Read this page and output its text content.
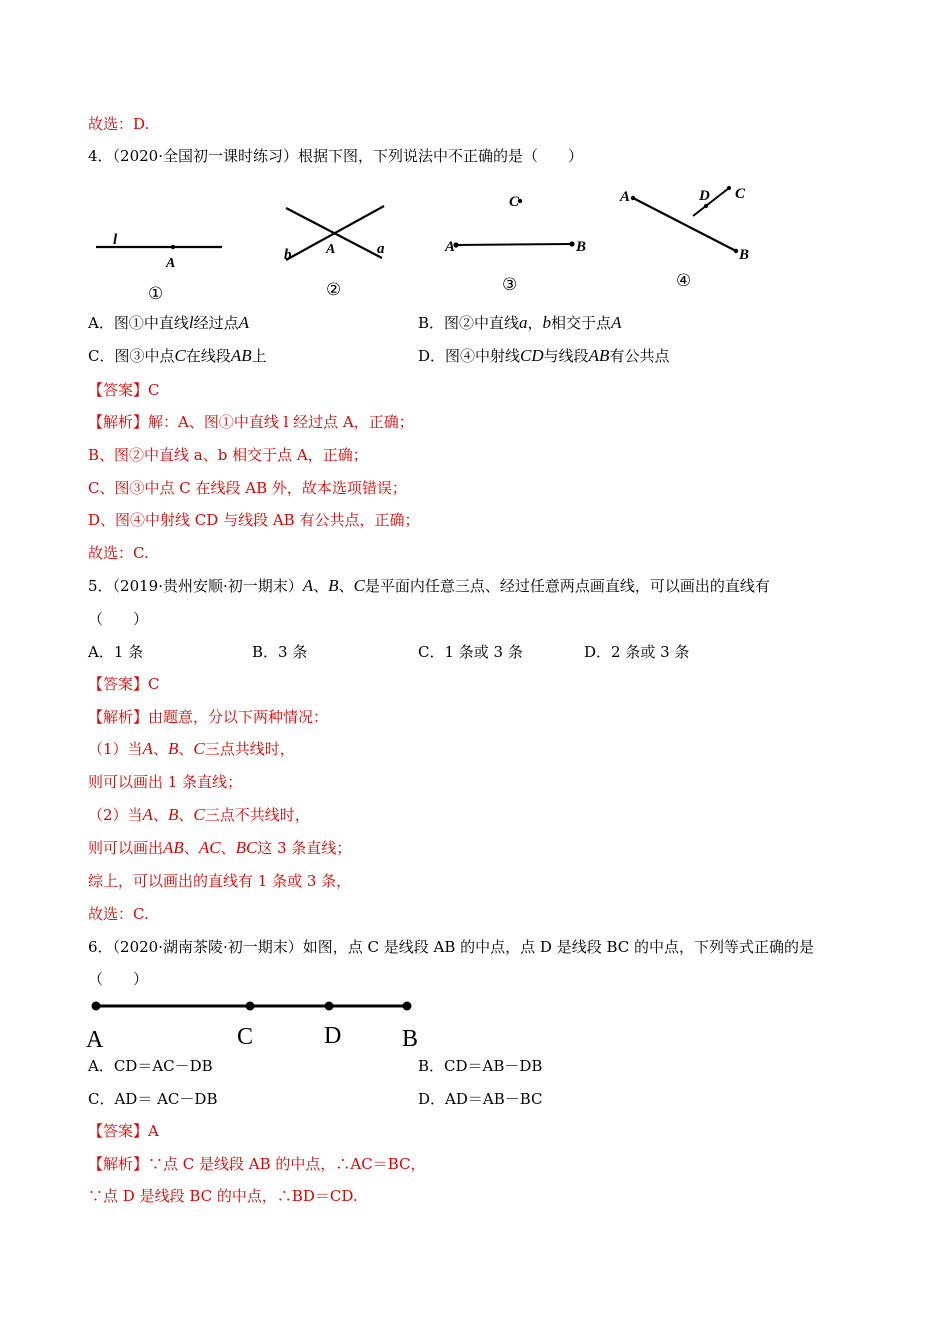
故选：D.
4．（2020·全国初一课时练习）根据下图，下列说法中不正确的是（　　）
l
A
①
b A	a
②
C
A	B
③
A	D C
B
④
A．图①中直线l经过点A	B．图②中直线a，b相交于点A
C．图③中点C在线段AB上	D．图④中射线CD与线段AB有公共点
【答案】C
【解析】解：A、图①中直线 l 经过点 A，正确；
B、图②中直线 a、b 相交于点 A，正确；
C、图③中点 C 在线段 AB 外，故本选项错误；
D、图④中射线 CD 与线段 AB 有公共点，正确；
故选：C.
5．（2019·贵州安顺·初一期末）A、B、C是平面内任意三点、经过任意两点画直线，可以画出的直线有
（　　）
A．1 条	B．3 条	C．1 条或 3 条	D．2 条或 3 条
【答案】C
【解析】由题意，分以下两种情况：
（1）当A、B、C三点共线时，
则可以画出 1 条直线；
（2）当A、B、C三点不共线时，
则可以画出AB、AC、BC这 3 条直线；
综上，可以画出的直线有 1 条或 3 条，
故选：C.
6．（2020·湖南茶陵·初一期末）如图，点 C 是线段 AB 的中点，点 D 是线段 BC 的中点，下列等式正确的是
（　　）
A	C	D	B
A．CD＝AC－DB	B．CD＝AB－DB
C．AD＝ AC－DB	D．AD＝AB－BC
【答案】A
【解析】∵点 C 是线段 AB 的中点，∴AC＝BC，
∵点 D 是线段 BC 的中点，∴BD＝CD.
